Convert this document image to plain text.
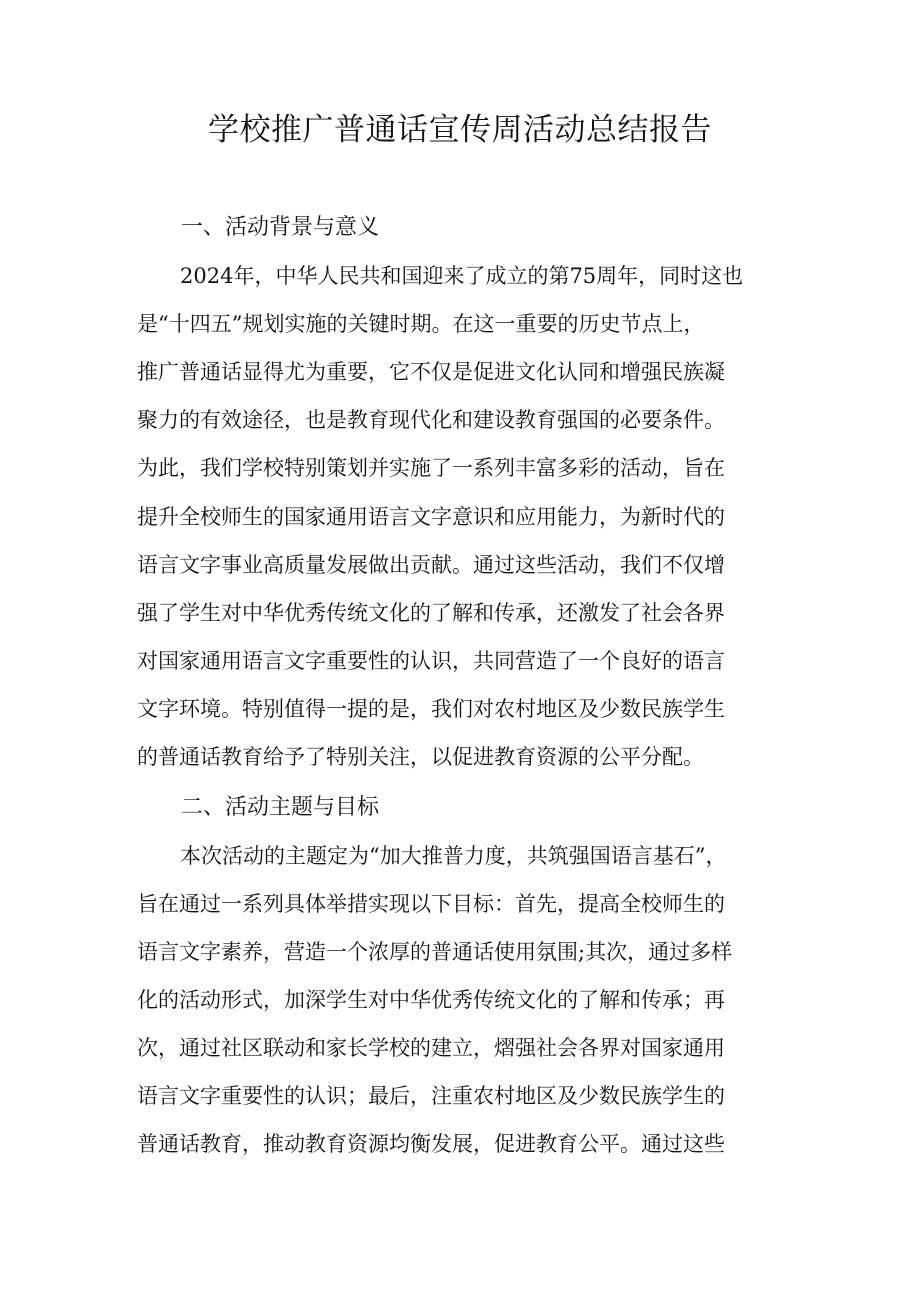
学校推广普通话宣传周活动总结报告
一、活动背景与意义

2024年，中华人民共和国迎来了成立的第75周年，同时这也

是“十四五”规划实施的关键时期。在这一重要的历史节点上，

推广普通话显得尤为重要，它不仅是促进文化认同和增强民族凝

聚力的有效途径，也是教育现代化和建设教育强国的必要条件。

为此，我们学校特别策划并实施了一系列丰富多彩的活动，旨在

提升全校师生的国家通用语言文字意识和应用能力，为新时代的

语言文字事业高质量发展做出贡献。通过这些活动，我们不仅增

强了学生对中华优秀传统文化的了解和传承，还激发了社会各界

对国家通用语言文字重要性的认识，共同营造了一个良好的语言

文字环境。特别值得一提的是，我们对农村地区及少数民族学生

的普通话教育给予了特别关注，以促进教育资源的公平分配。

二、活动主题与目标

本次活动的主题定为“加大推普力度，共筑强国语言基石”，

旨在通过一系列具体举措实现以下目标：首先，提高全校师生的

语言文字素养，营造一个浓厚的普通话使用氛围;其次，通过多样

化的活动形式，加深学生对中华优秀传统文化的了解和传承；再

次，通过社区联动和家长学校的建立，熠强社会各界对国家通用

语言文字重要性的认识；最后，注重农村地区及少数民族学生的

普通话教育，推动教育资源均衡发展，促进教育公平。通过这些
